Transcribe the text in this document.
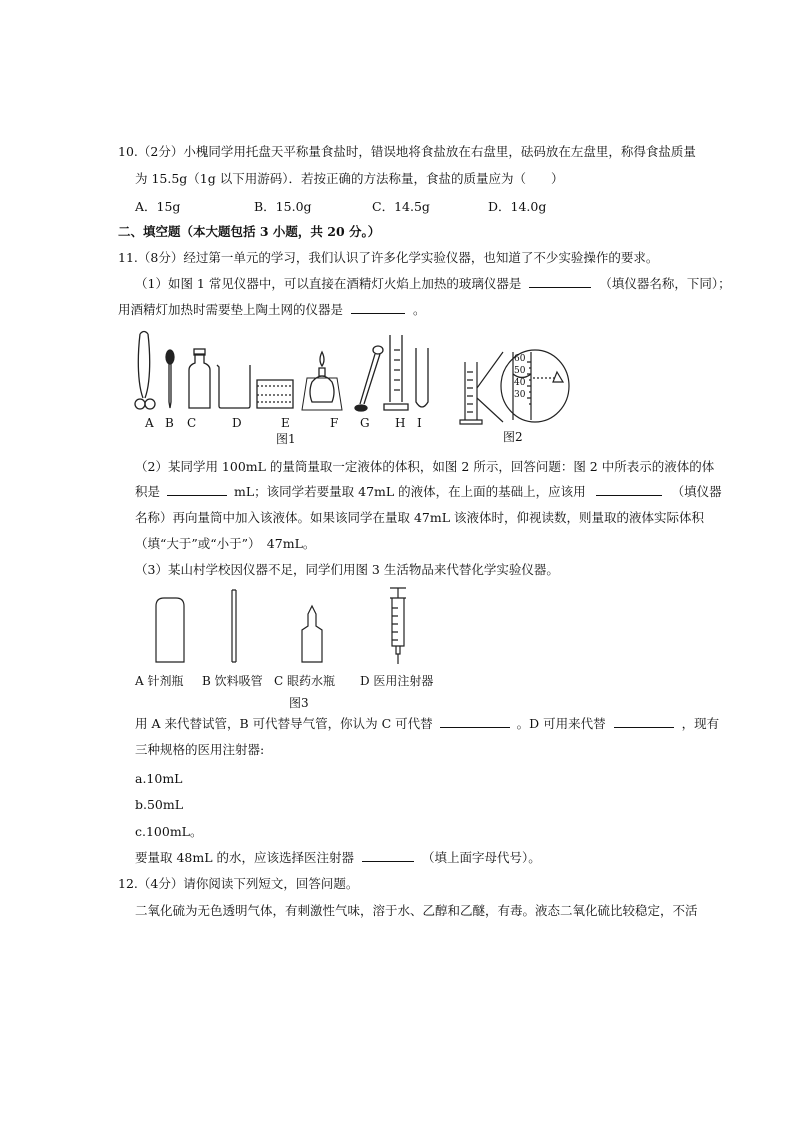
10.（2分）小槐同学用托盘天平称量食盐时，错误地将食盐放在右盘里，砝码放在左盘里，称得食盐质量
为 15.5g（1g 以下用游码）．若按正确的方法称量，食盐的质量应为（　　）
A．15g	B．15.0g	C．14.5g	D．14.0g
二、填空题（本大题包括 3 小题，共 20 分。）
11.（8分）经过第一单元的学习，我们认识了许多化学实验仪器，也知道了不少实验操作的要求。
（1）如图 1 常见仪器中，可以直接在酒精灯火焰上加热的玻璃仪器是	（填仪器名称，下同）；
用酒精灯加热时需要垫上陶土网的仪器是	。
A B C	D	E	F G H I
图1
60
50
40
30
图2
（2）某同学用 100mL 的量筒量取一定液体的体积，如图 2 所示，回答问题：图 2 中所表示的液体的体
积是	mL；该同学若要量取 47mL 的液体，在上面的基础上，应该用	（填仪器
名称）再向量筒中加入该液体。如果该同学在量取 47mL 该液体时，仰视读数，则量取的液体实际体积
（填“大于”或“小于”）　47mL。
（3）某山村学校因仪器不足，同学们用图 3 生活物品来代替化学实验仪器。
A 针剂瓶 B 饮料吸管 C 眼药水瓶 D 医用注射器
图3
用 A 来代替试管，B 可代替导气管，你认为 C 可代替	。D 可用来代替	，现有
三种规格的医用注射器:
a.10mL
b.50mL
c.100mL。
要量取 48mL 的水，应该选择医注射器	（填上面字母代号）。
12.（4分）请你阅读下列短文，回答问题。
二氧化硫为无色透明气体，有刺激性气味，溶于水、乙醇和乙醚，有毒。液态二氧化硫比较稳定，不活
